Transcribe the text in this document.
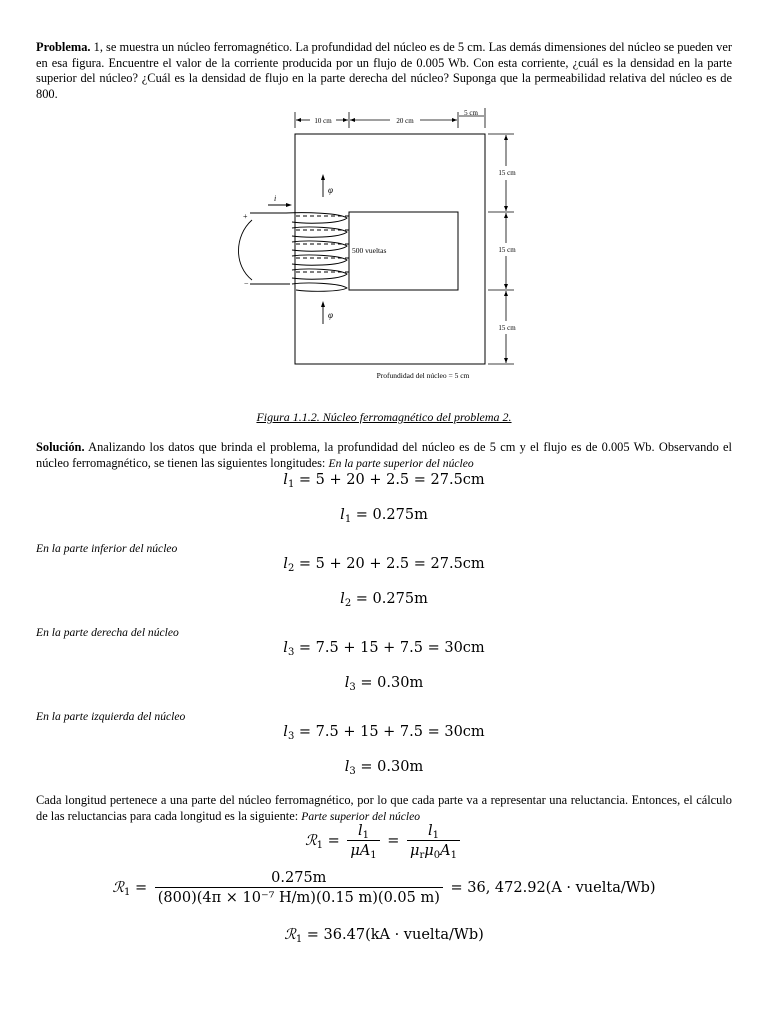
Problema. 1, se muestra un núcleo ferromagnético. La profundidad del núcleo es de 5 cm. Las demás dimensiones del núcleo se pueden ver en esa figura. Encuentre el valor de la corriente producida por un flujo de 0.005 Wb. Con esta corriente, ¿cuál es la densidad en la parte superior del núcleo? ¿Cuál es la densidad de flujo en la parte derecha del núcleo? Suponga que la permeabilidad relativa del núcleo es de 800.

10 cm	20 cm
5 cm
15 cm
15 cm
15 cm
φ
φ
i
+
−
500 vueltas
Profundidad del núcleo = 5 cm

Figura 1.1.2. Núcleo ferromagnético del problema 2.

Solución. Analizando los datos que brinda el problema, la profundidad del núcleo es de 5 cm y el flujo es de 0.005 Wb. Observando el núcleo ferromagnético, se tienen las siguientes longitudes: En la parte superior del núcleo

$l_1 = 5 + 20 + 2.5 = 27.5cm$

$l_1 = 0.275m$

En la parte inferior del núcleo

$l_2 = 5 + 20 + 2.5 = 27.5cm$

$l_2 = 0.275m$

En la parte derecha del núcleo

$l_3 = 7.5 + 15 + 7.5 = 30cm$

$l_3 = 0.30m$

En la parte izquierda del núcleo

$l_3 = 7.5 + 15 + 7.5 = 30cm$

$l_3 = 0.30m$

Cada longitud pertenece a una parte del núcleo ferromagnético, por lo que cada parte va a representar una reluctancia. Entonces, el cálculo de las reluctancias para cada longitud es la siguiente: Parte superior del núcleo

ℛ$_1$ = $\frac{l_1}{\mu A_1} = \frac{l_1}{\mu_r\mu_0A_1}$
ℛ$_1$ = $\frac{0.275m}{\text{(800)(4π × 10⁻⁷ H/m)(0.15 m)(0.05 m)}} = 36$, 472.92(A · vuelta/Wb)

ℛ$_1$ = 36.47(kA · vuelta/Wb)
